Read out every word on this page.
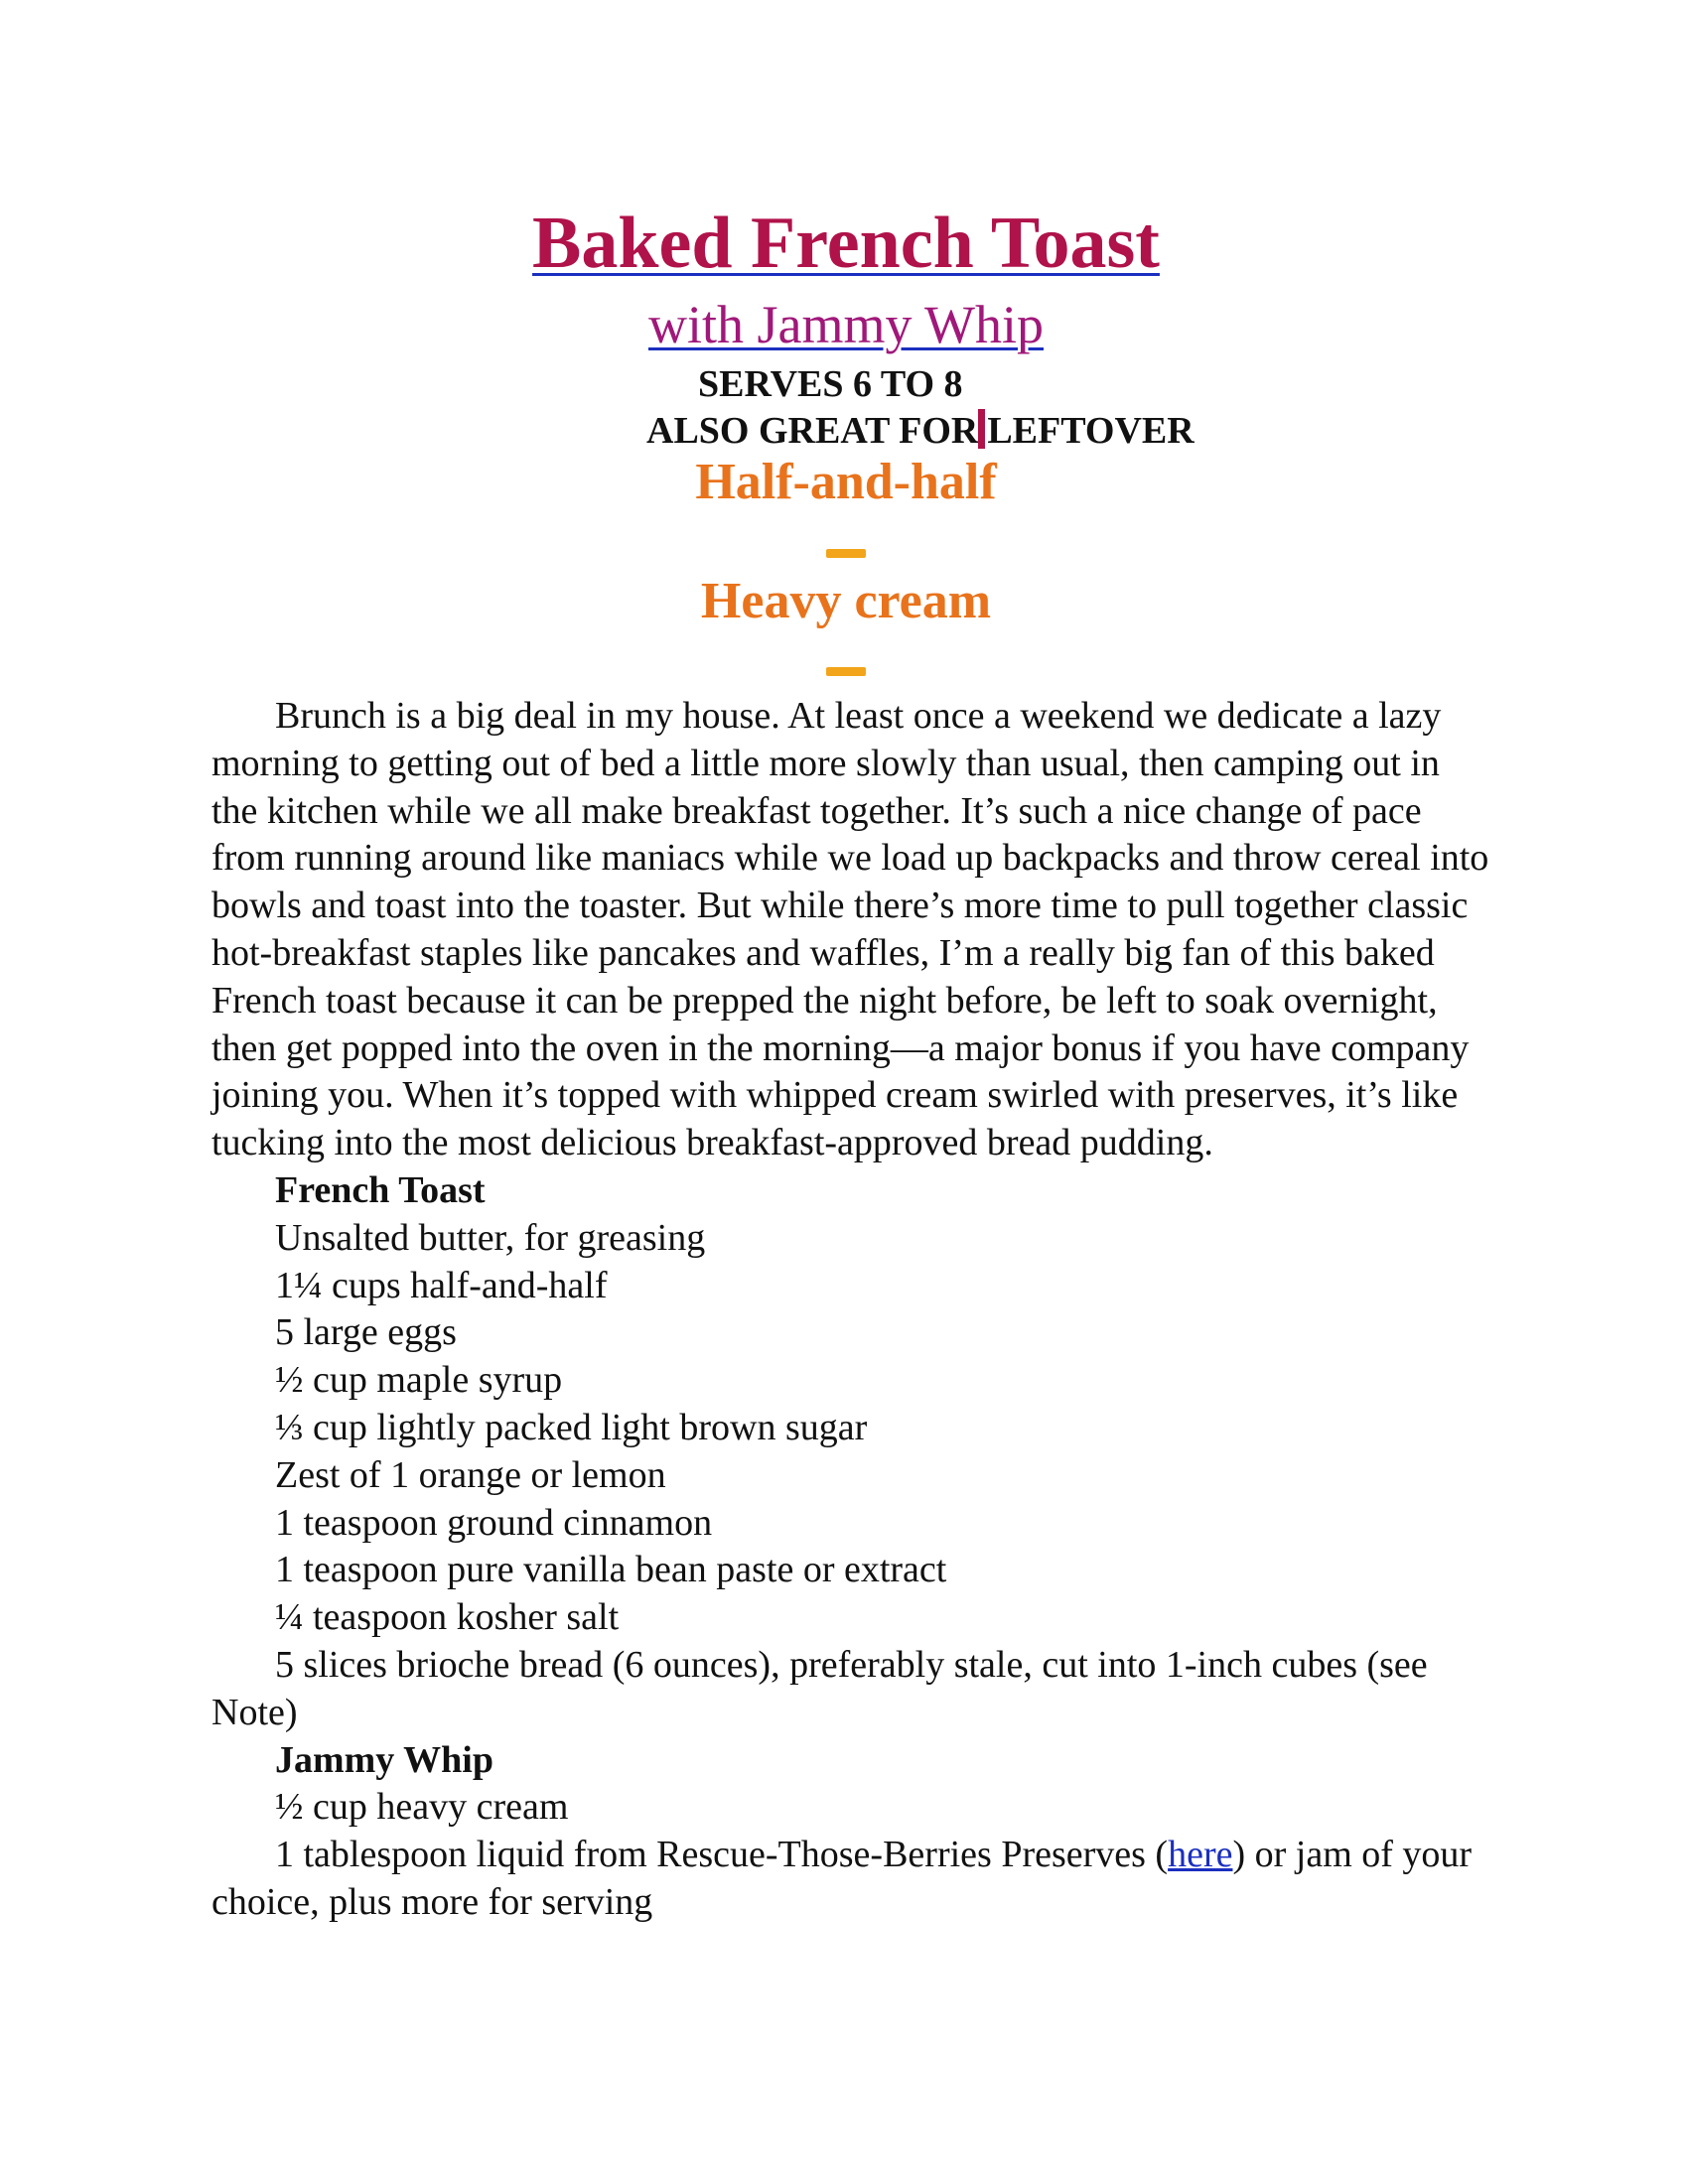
Baked French Toast
with Jammy Whip
SERVES 6 TO 8
ALSO GREAT FOR LEFTOVER
Half-and-half
Heavy cream

Brunch is a big deal in my house. At least once a weekend we dedicate a lazy morning to getting out of bed a little more slowly than usual, then camping out in the kitchen while we all make breakfast together. It’s such a nice change of pace from running around like maniacs while we load up backpacks and throw cereal into bowls and toast into the toaster. But while there’s more time to pull together classic hot-breakfast staples like pancakes and waffles, I’m a really big fan of this baked French toast because it can be prepped the night before, be left to soak overnight, then get popped into the oven in the morning—a major bonus if you have company joining you. When it’s topped with whipped cream swirled with preserves, it’s like tucking into the most delicious breakfast-approved bread pudding.

French Toast

Unsalted butter, for greasing

1¼ cups half-and-half

5 large eggs

½ cup maple syrup

⅓ cup lightly packed light brown sugar

Zest of 1 orange or lemon

1 teaspoon ground cinnamon

1 teaspoon pure vanilla bean paste or extract

¼ teaspoon kosher salt

5 slices brioche bread (6 ounces), preferably stale, cut into 1-inch cubes (see Note)

Jammy Whip

½ cup heavy cream

1 tablespoon liquid from Rescue-Those-Berries Preserves (here) or jam of your choice, plus more for serving
